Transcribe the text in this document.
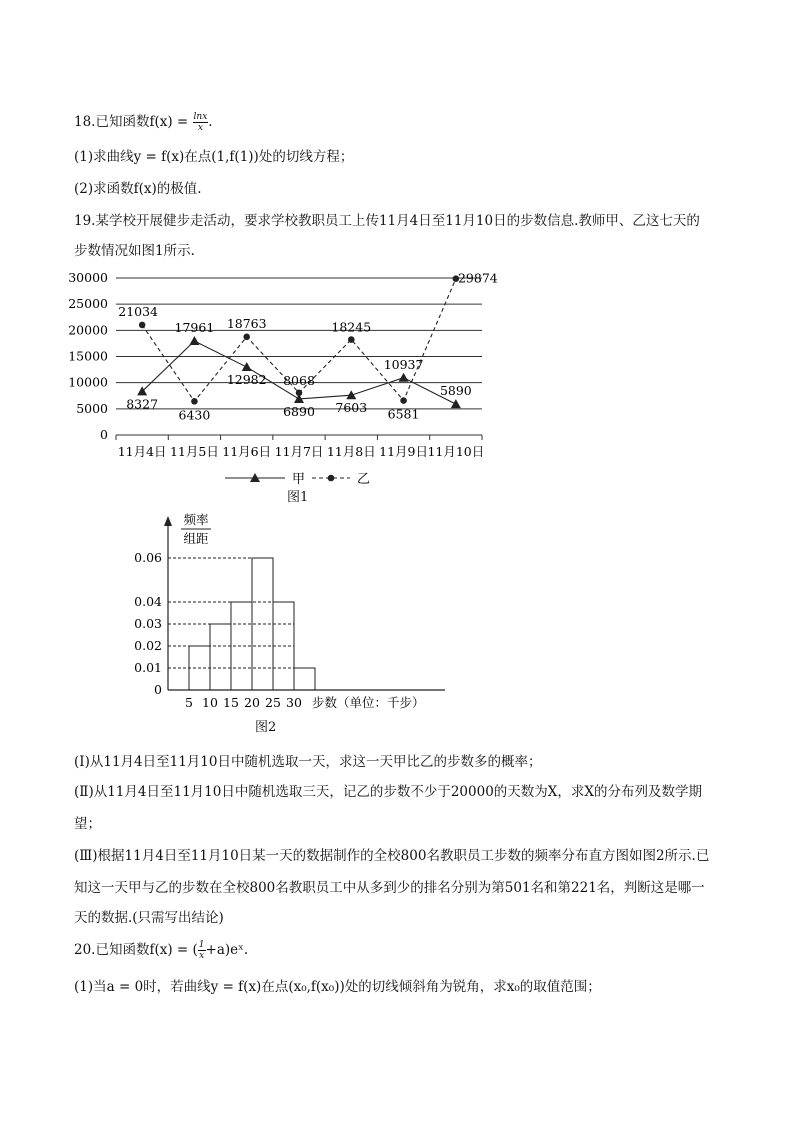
18.已知函数$f(x) = \frac{\ln x}{x}$ .
(1)求曲线y = f(x)在点(1,f(1))处的切线方程；
(2)求函数f(x)的极值.
19.某学校开展健步走活动，要求学校教职员工上传11月4日至11月10日的步数信息.教师甲、乙这七天的
步数情况如图1所示.
0
5000
10000
15000
20000
25000
30000
11月4日 11月5日 11月6日 11月7日 11月8日 11月9日 11月10日
8327
17961
12982
6890 7603
10937
5890
21034
6430
18763
8068
18245
6581
29874
甲	乙
图1
频率
组距
0.01
0.02
0.03
0.04
0.06
0
5 10 15 20 25 30 步数（单位：千步）
图2
(Ⅰ)从11月4日至11月10日中随机选取一天，求这一天甲比乙的步数多的概率；
(Ⅱ)从11月4日至11月10日中随机选取三天，记乙的步数不少于20000的天数为X，求X的分布列及数学期
望；
(Ⅲ)根据11月4日至11月10日某一天的数据制作的全校800名教职员工步数的频率分布直方图如图2所示.已
知这一天甲与乙的步数在全校800名教职员工中从多到少的排名分别为第501名和第221名，判断这是哪一
天的数据.(只需写出结论)
20.已知函数f(x) = ( $\frac{1}{x}$ +a)eˣ.
(1)当a = 0时，若曲线y = f(x)在点(x₀,f(x₀))处的切线倾斜角为锐角，求x₀的取值范围；
